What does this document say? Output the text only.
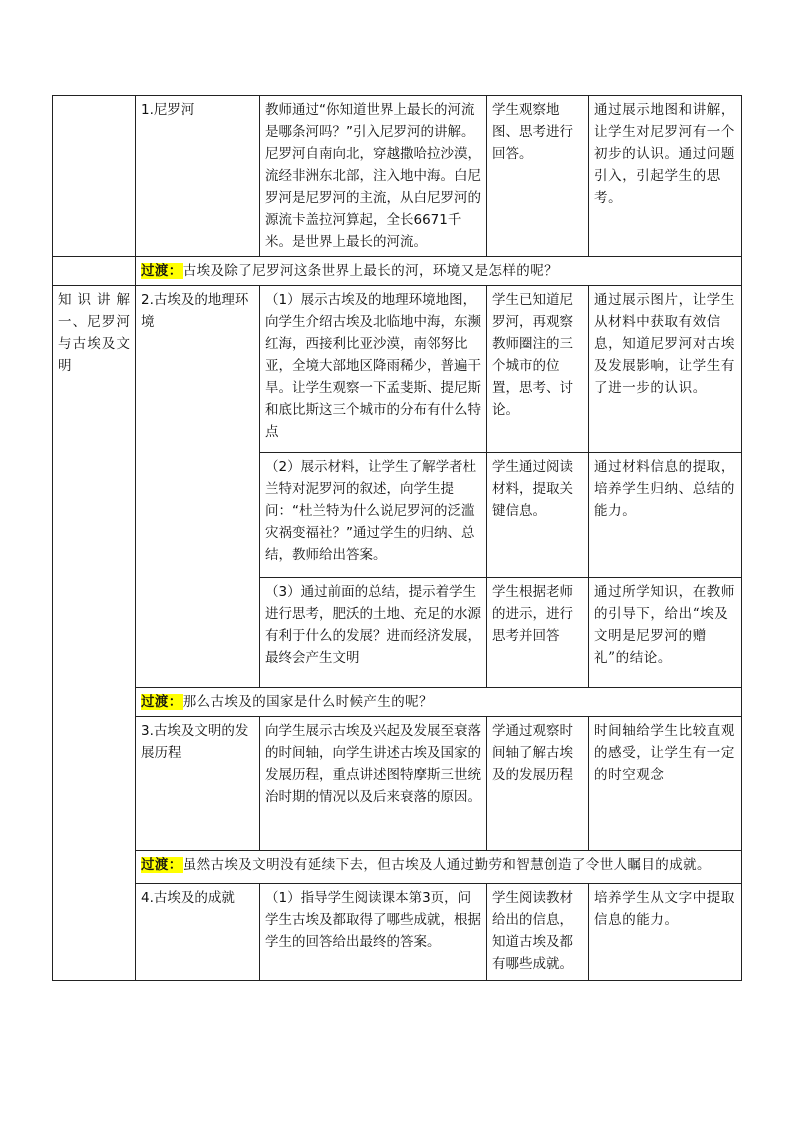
	1.尼罗河	教师通过“你知道世界上最长的河流是哪条河吗？”引入尼罗河的讲解。尼罗河自南向北，穿越撒哈拉沙漠，流经非洲东北部，注入地中海。白尼罗河是尼罗河的主流，从白尼罗河的源流卡盖拉河算起，全长6671千米。是世界上最长的河流。	学生观察地图、思考进行回答。	通过展示地图和讲解，让学生对尼罗河有一个初步的认识。通过问题引入，引起学生的思考。
	过渡：古埃及除了尼罗河这条世界上最长的河，环境又是怎样的呢？			
知识讲解一、尼罗河与古埃及文明	2.古埃及的地理环境	（1）展示古埃及的地理环境地图，向学生介绍古埃及北临地中海，东濒红海，西接利比亚沙漠，南邻努比亚，全境大部地区降雨稀少，普遍干旱。让学生观察一下孟斐斯、提尼斯和底比斯这三个城市的分布有什么特点	学生已知道尼罗河，再观察教师圈注的三个城市的位置，思考、讨论。	通过展示图片，让学生从材料中获取有效信息，知道尼罗河对古埃及发展影响，让学生有了进一步的认识。
		（2）展示材料，让学生了解学者杜兰特对泥罗河的叙述，向学生提问：“杜兰特为什么说尼罗河的泛滥灾祸变福社？”通过学生的归纳、总结，教师给出答案。	学生通过阅读材料，提取关键信息。	通过材料信息的提取，培养学生归纳、总结的能力。
		（3）通过前面的总结，提示着学生进行思考，肥沃的土地、充足的水源有利于什么的发展？进而经济发展，最终会产生文明	学生根据老师的进示，进行思考并回答	通过所学知识，在教师的引导下，给出“埃及文明是尼罗河的赠礼”的结论。
	过渡：那么古埃及的国家是什么时候产生的呢？			
	3.古埃及文明的发展历程	向学生展示古埃及兴起及发展至衰落的时间轴，向学生讲述古埃及国家的发展历程，重点讲述图特摩斯三世统治时期的情况以及后来衰落的原因。	学通过观察时间轴了解古埃及的发展历程	时间轴给学生比较直观的感受，让学生有一定的时空观念
	过渡：虽然古埃及文明没有延续下去，但古埃及人通过勤劳和智慧创造了令世人瞩目的成就。			
	4.古埃及的成就	（1）指导学生阅读课本第3页，问学生古埃及都取得了哪些成就，根据学生的回答给出最终的答案。	学生阅读教材给出的信息，知道古埃及都有哪些成就。	培养学生从文字中提取信息的能力。
